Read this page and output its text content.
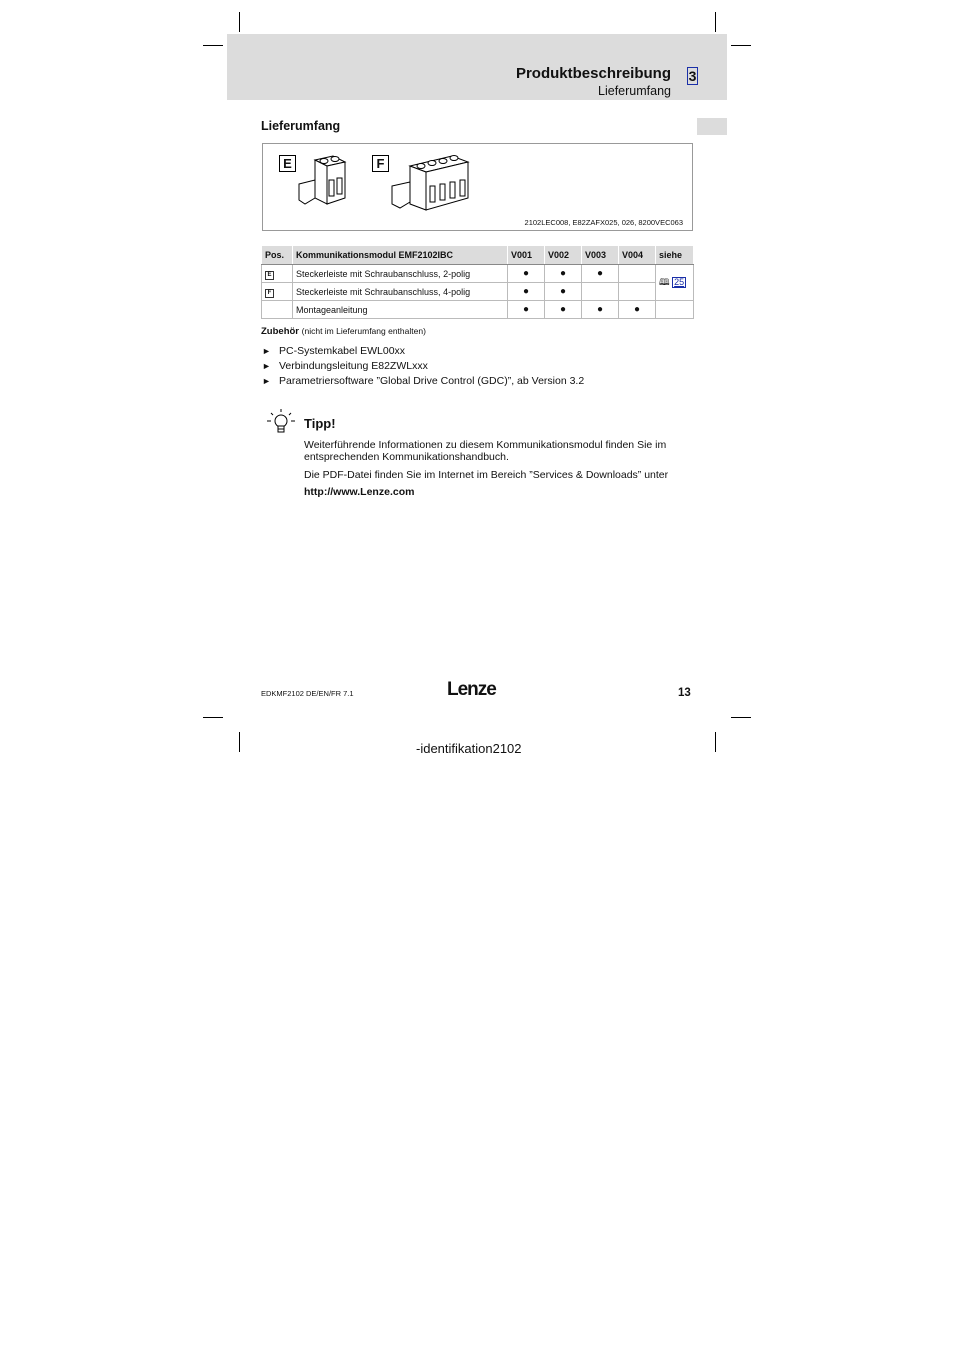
Produktbeschreibung 3
Lieferumfang
Lieferumfang
E	F
2102LEC008, E82ZAFX025, 026, 8200VEC063
Pos.	Kommunikationsmodul EMF2102IBC	V001	V002	V003	V004	siehe
E	Steckerleiste mit Schraubanschluss, 2-polig	●	●	●		🕮 25
F	Steckerleiste mit Schraubanschluss, 4-polig	●	●			
	Montageanleitung	●	●	●	●	
Zubehör (nicht im Lieferumfang enthalten)
► PC-Systemkabel EWL00xx
► Verbindungsleitung E82ZWLxxx
► Parametriersoftware ”Global Drive Control (GDC)”, ab Version 3.2
Tipp!
Weiterführende Informationen zu diesem Kommunikationsmodul finden Sie im entsprechenden Kommunikationshandbuch.
Die PDF-Datei finden Sie im Internet im Bereich ”Services & Downloads” unter
http://www.Lenze.com
EDKMF2102 DE/EN/FR 7.1	Lenze	13
-identifikation2102
